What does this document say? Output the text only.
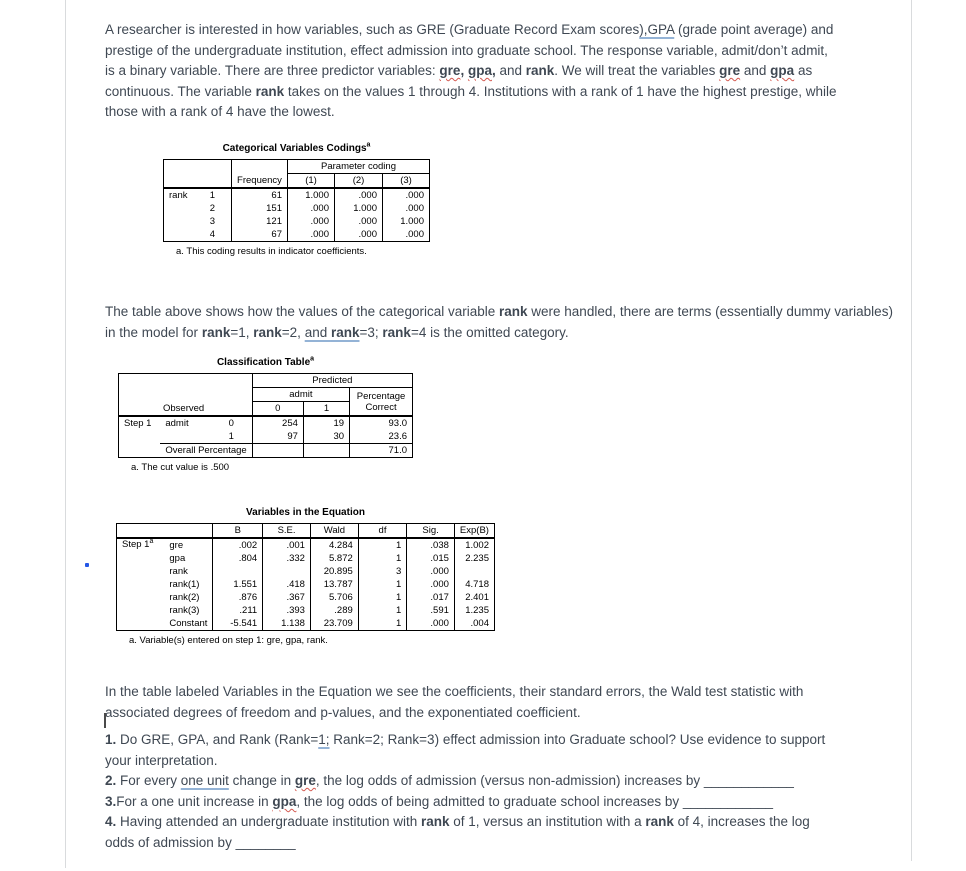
A researcher is interested in how variables, such as GRE (Graduate Record Exam scores),GPA (grade point average) and
prestige of the undergraduate institution, effect admission into graduate school. The response variable, admit/don’t admit,
is a binary variable. There are three predictor variables: gre, gpa, and rank. We will treat the variables gre and gpa as
continuous. The variable rank takes on the values 1 through 4. Institutions with a rank of 1 have the highest prestige, while
those with a rank of 4 have the lowest.
Categorical Variables Codings$^a$
			Parameter coding		
		Frequency	(1)	(2)	(3)
rank	1	61	1.000	.000	.000
	2	151	.000	1.000	.000
	3	121	.000	.000	1.000
	4	67	.000	.000	.000
a. This coding results in indicator coefficients.
The table above shows how the values of the categorical variable rank were handled, there are terms (essentially dummy variables)
in the model for rank=1, rank=2, and rank=3; rank=4 is the omitted category.
Classification Table$^a$
			Predicted		
			admit		Percentage Correct
Observed			0	1	
Step 1	admit	0	254	19	93.0
		1	97	30	23.6
	Overall Percentage				71.0
a. The cut value is .500
Variables in the Equation
		B	S.E.	Wald	df	Sig.	Exp(B)
Step 1$^a$	gre	.002	.001	4.284	1	.038	1.002
	gpa	.804	.332	5.872	1	.015	2.235
	rank			20.895	3	.000	
	rank(1)	1.551	.418	13.787	1	.000	4.718
	rank(2)	.876	.367	5.706	1	.017	2.401
	rank(3)	.211	.393	.289	1	.591	1.235
	Constant	-5.541	1.138	23.709	1	.000	.004
a. Variable(s) entered on step 1: gre, gpa, rank.
In the table labeled Variables in the Equation we see the coefficients, their standard errors, the Wald test statistic with
associated degrees of freedom and p-values, and the exponentiated coefficient.
1. Do GRE, GPA, and Rank (Rank=1; Rank=2; Rank=3) effect admission into Graduate school? Use evidence to support
your interpretation.
2. For every one unit change in gre, the log odds of admission (versus non-admission) increases by ____________
3.For a one unit increase in gpa, the log odds of being admitted to graduate school increases by ____________
4. Having attended an undergraduate institution with rank of 1, versus an institution with a rank of 4, increases the log
odds of admission by ________
